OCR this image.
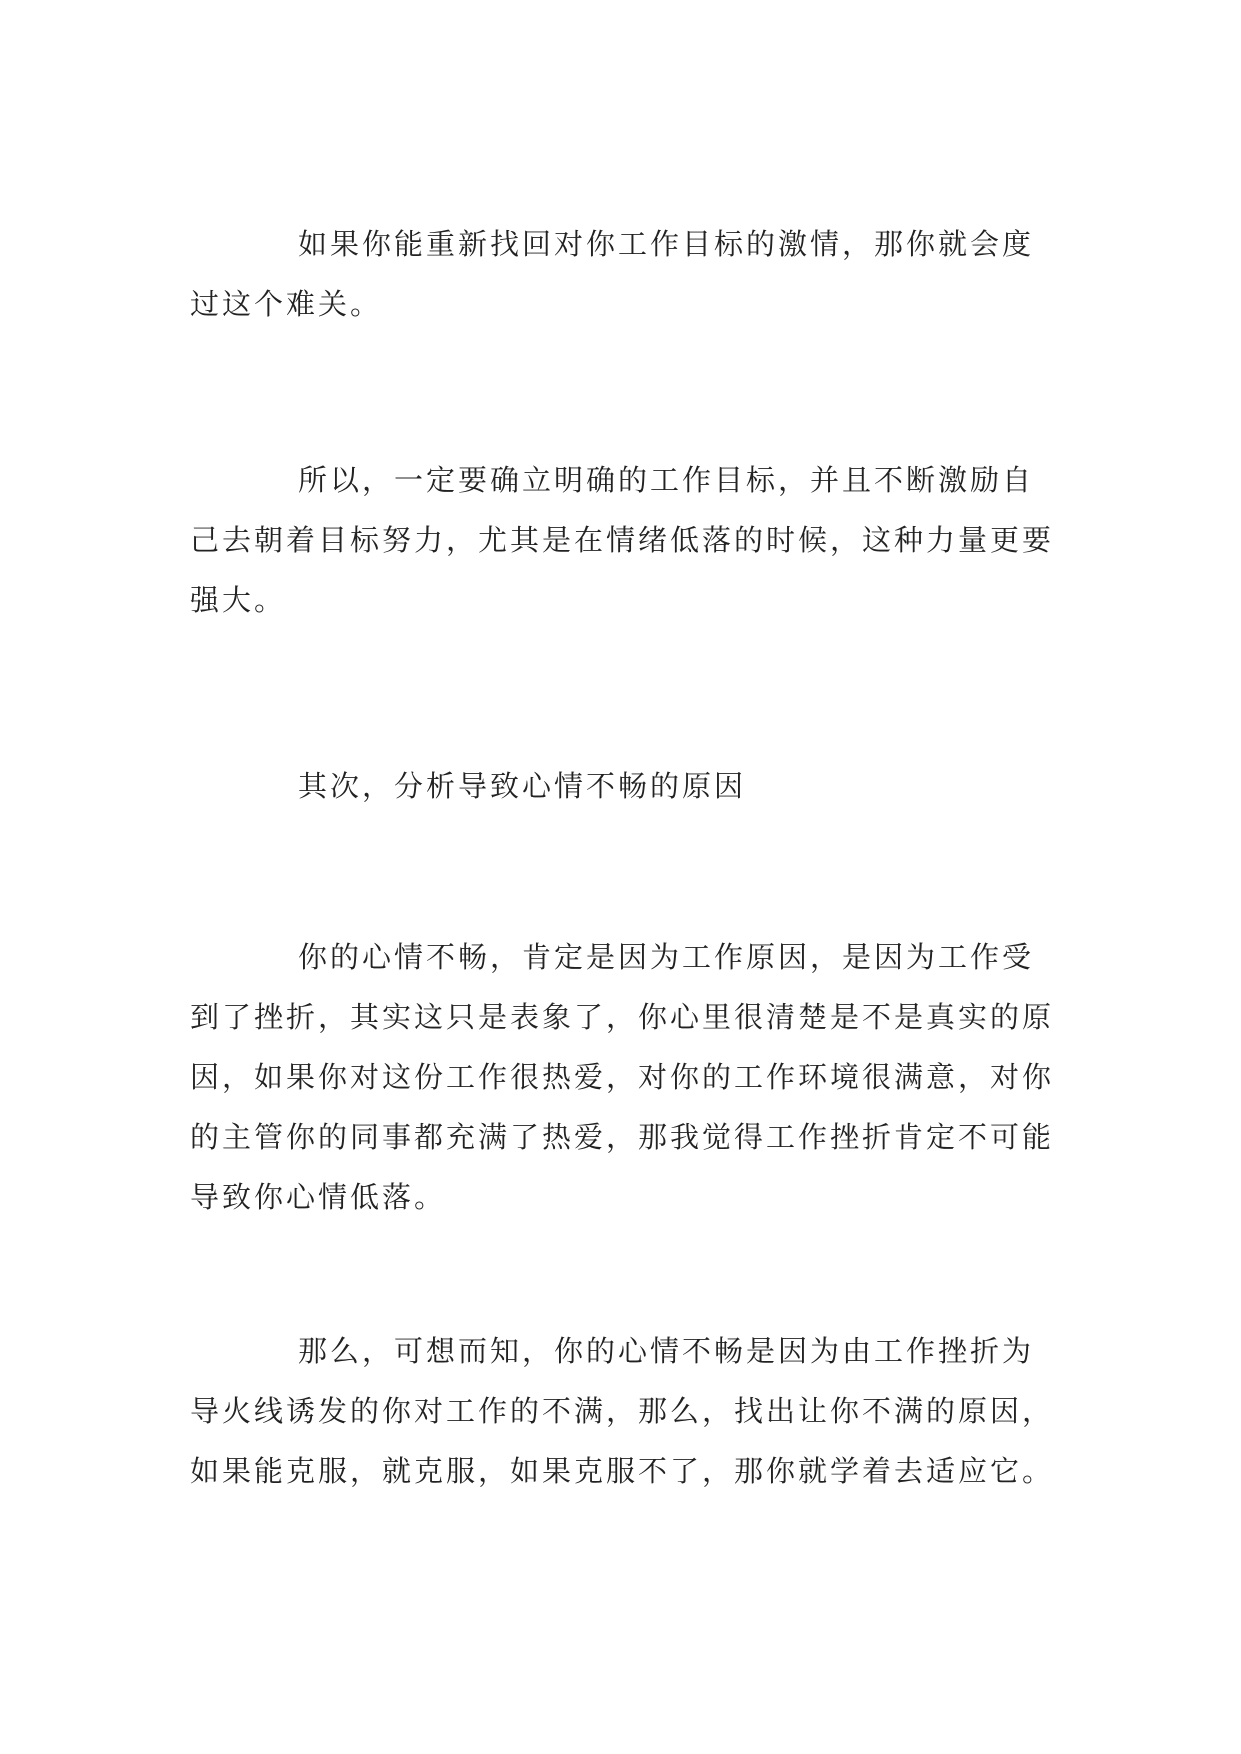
如果你能重新找回对你工作目标的激情，那你就会度过这个难关。

所以，一定要确立明确的工作目标，并且不断激励自己去朝着目标努力，尤其是在情绪低落的时候，这种力量更要强大。

其次，分析导致心情不畅的原因

你的心情不畅，肯定是因为工作原因，是因为工作受到了挫折，其实这只是表象了，你心里很清楚是不是真实的原因，如果你对这份工作很热爱，对你的工作环境很满意，对你的主管你的同事都充满了热爱，那我觉得工作挫折肯定不可能导致你心情低落。

那么，可想而知，你的心情不畅是因为由工作挫折为导火线诱发的你对工作的不满，那么，找出让你不满的原因，如果能克服，就克服，如果克服不了，那你就学着去适应它。
